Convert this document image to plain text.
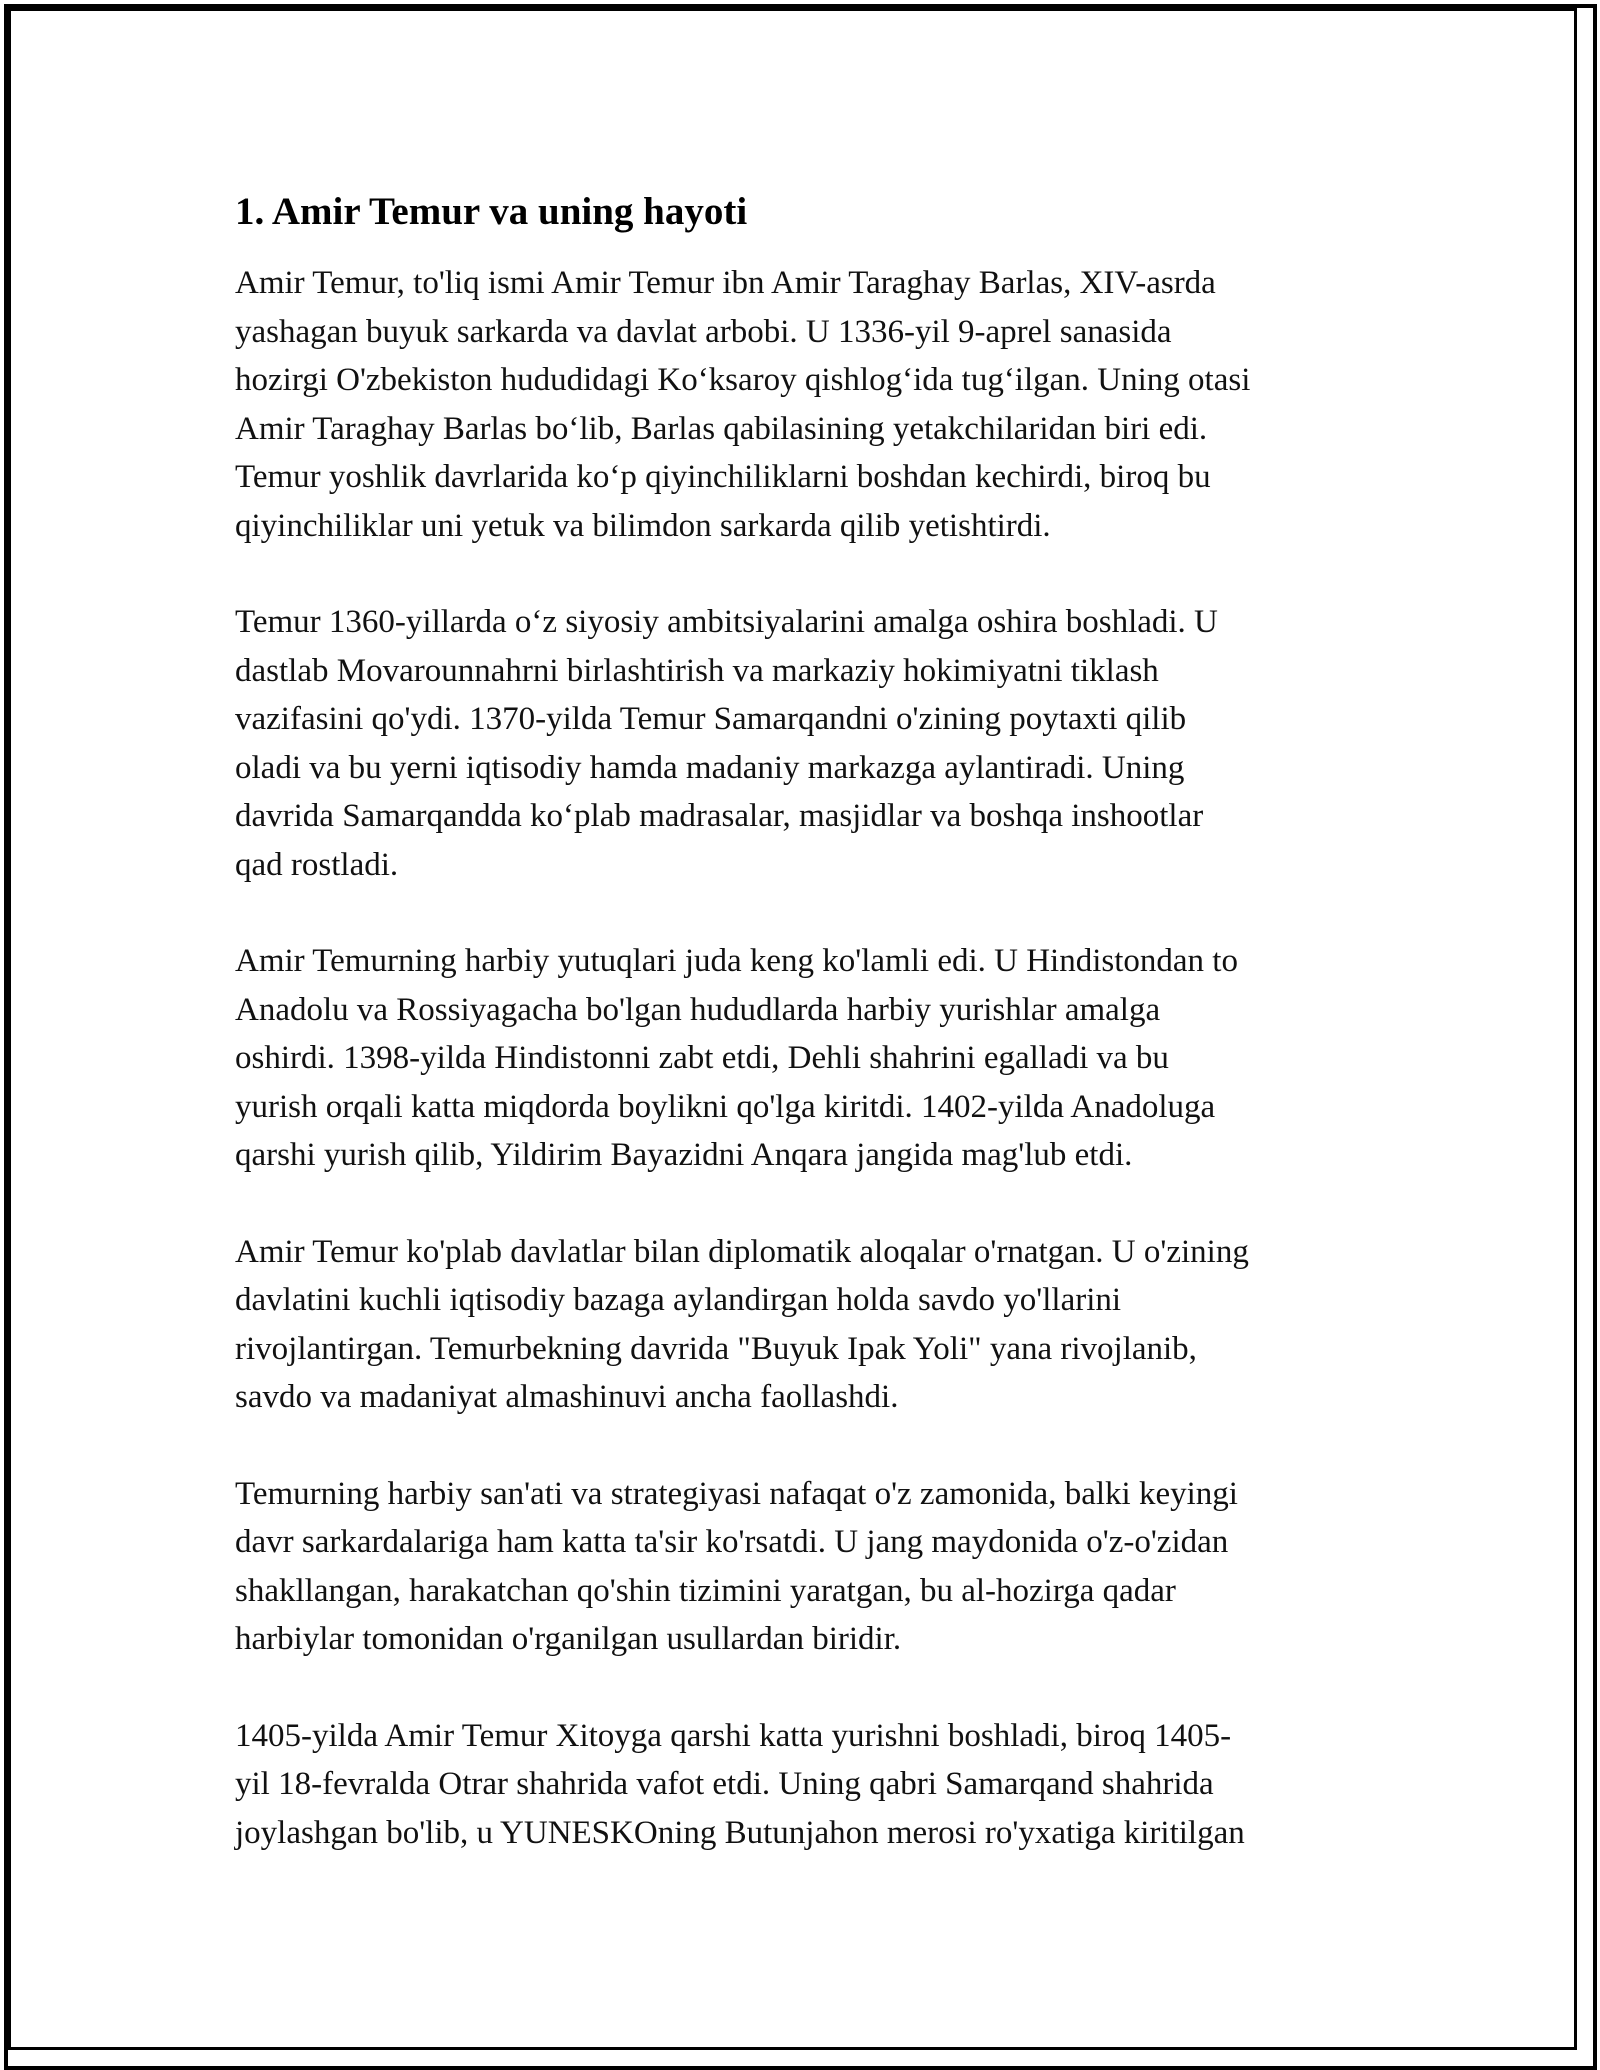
1. Amir Temur va uning hayoti

Amir Temur, to'liq ismi Amir Temur ibn Amir Taraghay Barlas, XIV-asrda
yashagan buyuk sarkarda va davlat arbobi. U 1336-yil 9-aprel sanasida
hozirgi O'zbekiston hududidagi Koʻksaroy qishlogʻida tugʻilgan. Uning otasi
Amir Taraghay Barlas boʻlib, Barlas qabilasining yetakchilaridan biri edi.
Temur yoshlik davrlarida koʻp qiyinchiliklarni boshdan kechirdi, biroq bu
qiyinchiliklar uni yetuk va bilimdon sarkarda qilib yetishtirdi.

Temur 1360-yillarda oʻz siyosiy ambitsiyalarini amalga oshira boshladi. U
dastlab Movarounnahrni birlashtirish va markaziy hokimiyatni tiklash
vazifasini qo'ydi. 1370-yilda Temur Samarqandni o'zining poytaxti qilib
oladi va bu yerni iqtisodiy hamda madaniy markazga aylantiradi. Uning
davrida Samarqandda koʻplab madrasalar, masjidlar va boshqa inshootlar
qad rostladi.

Amir Temurning harbiy yutuqlari juda keng ko'lamli edi. U Hindistondan to
Anadolu va Rossiyagacha bo'lgan hududlarda harbiy yurishlar amalga
oshirdi. 1398-yilda Hindistonni zabt etdi, Dehli shahrini egalladi va bu
yurish orqali katta miqdorda boylikni qo'lga kiritdi. 1402-yilda Anadoluga
qarshi yurish qilib, Yildirim Bayazidni Anqara jangida mag'lub etdi.

Amir Temur ko'plab davlatlar bilan diplomatik aloqalar o'rnatgan. U o'zining
davlatini kuchli iqtisodiy bazaga aylandirgan holda savdo yo'llarini
rivojlantirgan. Temurbekning davrida "Buyuk Ipak Yoli" yana rivojlanib,
savdo va madaniyat almashinuvi ancha faollashdi.

Temurning harbiy san'ati va strategiyasi nafaqat o'z zamonida, balki keyingi
davr sarkardalariga ham katta ta'sir ko'rsatdi. U jang maydonida o'z-o'zidan
shakllangan, harakatchan qo'shin tizimini yaratgan, bu al-hozirga qadar
harbiylar tomonidan o'rganilgan usullardan biridir.

1405-yilda Amir Temur Xitoyga qarshi katta yurishni boshladi, biroq 1405-
yil 18-fevralda Otrar shahrida vafot etdi. Uning qabri Samarqand shahrida
joylashgan bo'lib, u YUNESKOning Butunjahon merosi ro'yxatiga kiritilgan
